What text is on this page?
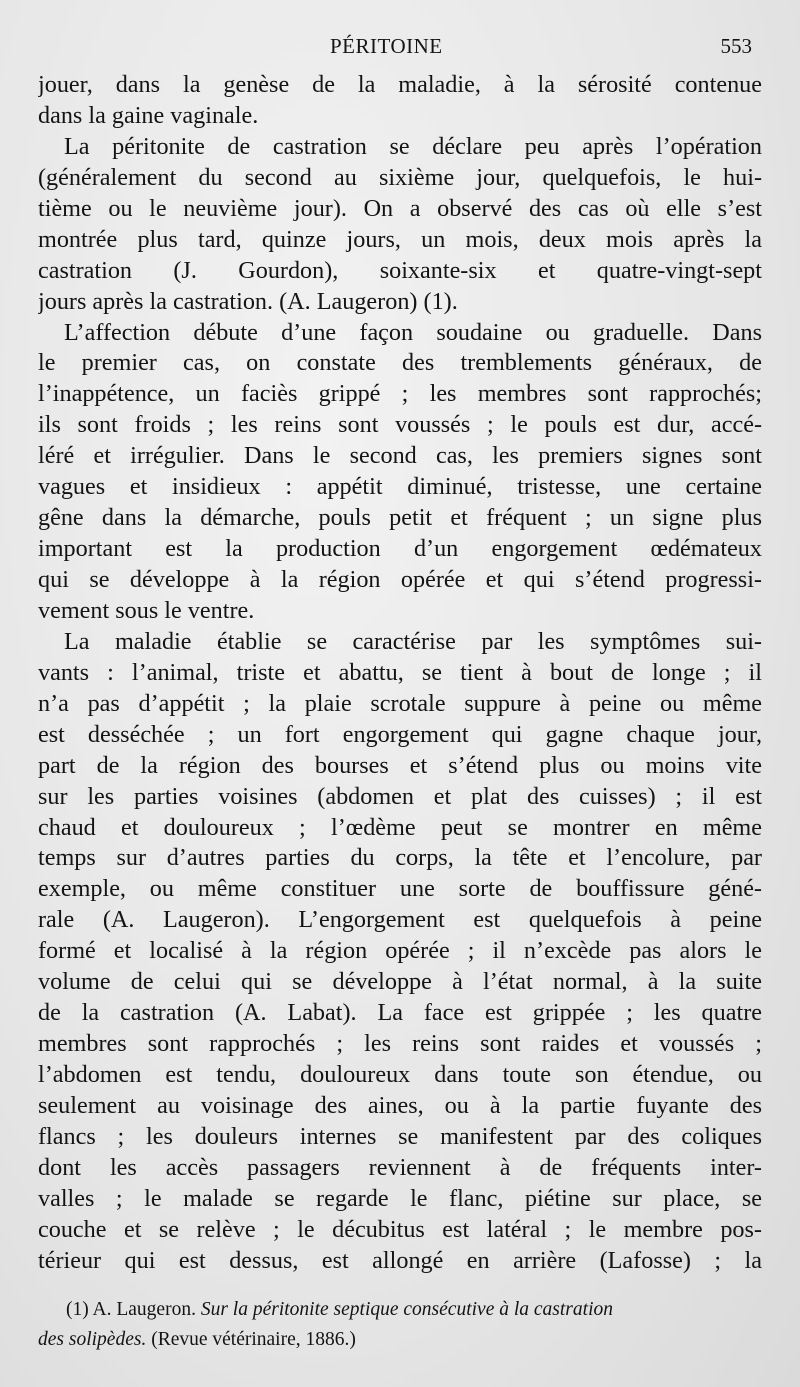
PÉRITOINE	553
jouer, dans la genèse de la maladie, à la sérosité contenue
dans la gaine vaginale.
La péritonite de castration se déclare peu après l’opération
(généralement du second au sixième jour, quelquefois, le hui-
tième ou le neuvième jour). On a observé des cas où elle s’est
montrée plus tard, quinze jours, un mois, deux mois après la
castration (J. Gourdon), soixante-six et quatre-vingt-sept
jours après la castration. (A. Laugeron) (1).
L’affection débute d’une façon soudaine ou graduelle. Dans
le premier cas, on constate des tremblements généraux, de
l’inappétence, un faciès grippé ; les membres sont rapprochés;
ils sont froids ; les reins sont voussés ; le pouls est dur, accé-
léré et irrégulier. Dans le second cas, les premiers signes sont
vagues et insidieux : appétit diminué, tristesse, une certaine
gêne dans la démarche, pouls petit et fréquent ; un signe plus
important est la production d’un engorgement œdémateux
qui se développe à la région opérée et qui s’étend progressi-
vement sous le ventre.
La maladie établie se caractérise par les symptômes sui-
vants : l’animal, triste et abattu, se tient à bout de longe ; il
n’a pas d’appétit ; la plaie scrotale suppure à peine ou même
est desséchée ; un fort engorgement qui gagne chaque jour,
part de la région des bourses et s’étend plus ou moins vite
sur les parties voisines (abdomen et plat des cuisses) ; il est
chaud et douloureux ; l’œdème peut se montrer en même
temps sur d’autres parties du corps, la tête et l’encolure, par
exemple, ou même constituer une sorte de bouffissure géné-
rale (A. Laugeron). L’engorgement est quelquefois à peine
formé et localisé à la région opérée ; il n’excède pas alors le
volume de celui qui se développe à l’état normal, à la suite
de la castration (A. Labat). La face est grippée ; les quatre
membres sont rapprochés ; les reins sont raides et voussés ;
l’abdomen est tendu, douloureux dans toute son étendue, ou
seulement au voisinage des aines, ou à la partie fuyante des
flancs ; les douleurs internes se manifestent par des coliques
dont les accès passagers reviennent à de fréquents inter-
valles ; le malade se regarde le flanc, piétine sur place, se
couche et se relève ; le décubitus est latéral ; le membre pos-
térieur qui est dessus, est allongé en arrière (Lafosse) ; la
(1) A. Laugeron. Sur la péritonite septique consécutive à la castration
des solipèdes. (Revue vétérinaire, 1886.)
